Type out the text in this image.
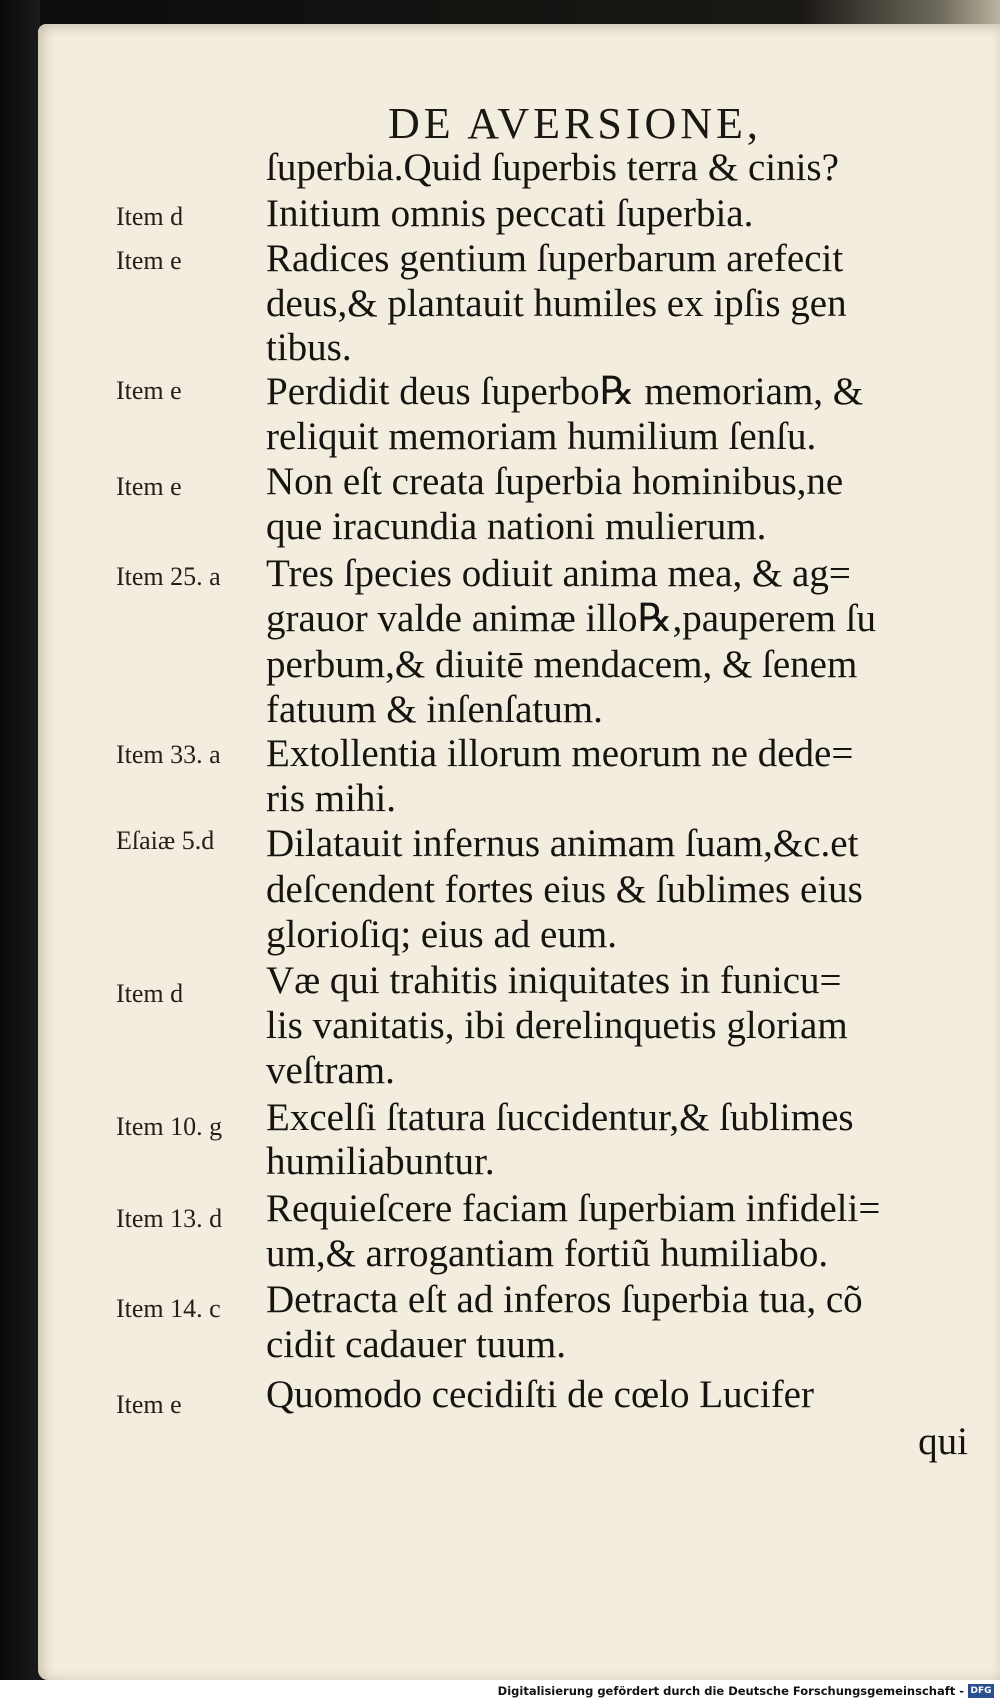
DE AVERSIONE,
Item d
Item e
Item e
Item e
Item 25. a
Item 33. a
Eſaiæ 5.d
Item d
Item 10. g
Item 13. d
Item 14. c
Item e
ſuperbia.Quid ſuperbis terra & cinis?
Initium omnis peccati ſuperbia.
Radices gentium ſuperbarum arefecit
deus,& plantauit humiles ex ipſis gen
tibus.
Perdidit deus ſuperbo℞ memoriam, &
reliquit memoriam humilium ſenſu.
Non eſt creata ſuperbia hominibus,ne
que iracundia nationi mulierum.
Tres ſpecies odiuit anima mea, & ag=
grauor valde animæ illo℞,pauperem ſu
perbum,& diuitē mendacem, & ſenem
fatuum & inſenſatum.
Extollentia illorum meorum ne dede=
ris mihi.
Dilatauit infernus animam ſuam,&c.et
deſcendent fortes eius & ſublimes eius
glorioſiq; eius ad eum.
Væ qui trahitis iniquitates in funicu=
lis vanitatis, ibi derelinquetis gloriam
veſtram.
Excelſi ſtatura ſuccidentur,& ſublimes
humiliabuntur.
Requieſcere faciam ſuperbiam infideli=
um,& arrogantiam fortiũ humiliabo.
Detracta eſt ad inferos ſuperbia tua, cõ
cidit cadauer tuum.
Quomodo cecidiſti de cœlo Lucifer
qui
Digitalisierung gefördert durch die Deutsche Forschungsgemeinschaft - DFG
